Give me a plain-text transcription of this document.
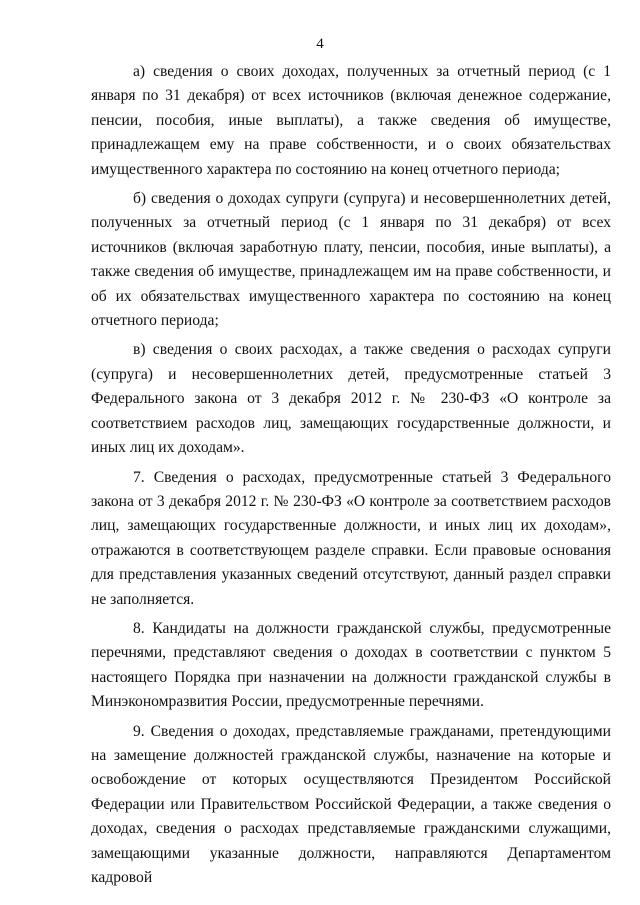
4

а) сведения о своих доходах, полученных за отчетный период (с 1 января по 31 декабря) от всех источников (включая денежное содержание, пенсии, пособия, иные выплаты), а также сведения об имуществе, принадлежащем ему на праве собственности, и о своих обязательствах имущественного характера по состоянию на конец отчетного периода;

б) сведения о доходах супруги (супруга) и несовершеннолетних детей, полученных за отчетный период (с 1 января по 31 декабря) от всех источников (включая заработную плату, пенсии, пособия, иные выплаты), а также сведения об имуществе, принадлежащем им на праве собственности, и об их обязательствах имущественного характера по состоянию на конец отчетного периода;

в) сведения о своих расходах, а также сведения о расходах супруги (супруга) и несовершеннолетних детей, предусмотренные статьей 3 Федерального закона от 3 декабря 2012 г. № 230-ФЗ «О контроле за соответствием расходов лиц, замещающих государственные должности, и иных лиц их доходам».

7. Сведения о расходах, предусмотренные статьей 3 Федерального закона от 3 декабря 2012 г. № 230-ФЗ «О контроле за соответствием расходов лиц, замещающих государственные должности, и иных лиц их доходам», отражаются в соответствующем разделе справки. Если правовые основания для представления указанных сведений отсутствуют, данный раздел справки не заполняется.

8. Кандидаты на должности гражданской службы, предусмотренные перечнями, представляют сведения о доходах в соответствии с пунктом 5 настоящего Порядка при назначении на должности гражданской службы в Минэкономразвития России, предусмотренные перечнями.

9. Сведения о доходах, представляемые гражданами, претендующими на замещение должностей гражданской службы, назначение на которые и освобождение от которых осуществляются Президентом Российской Федерации или Правительством Российской Федерации, а также сведения о доходах, сведения о расходах представляемые гражданскими служащими, замещающими указанные должности, направляются Департаментом кадровой
